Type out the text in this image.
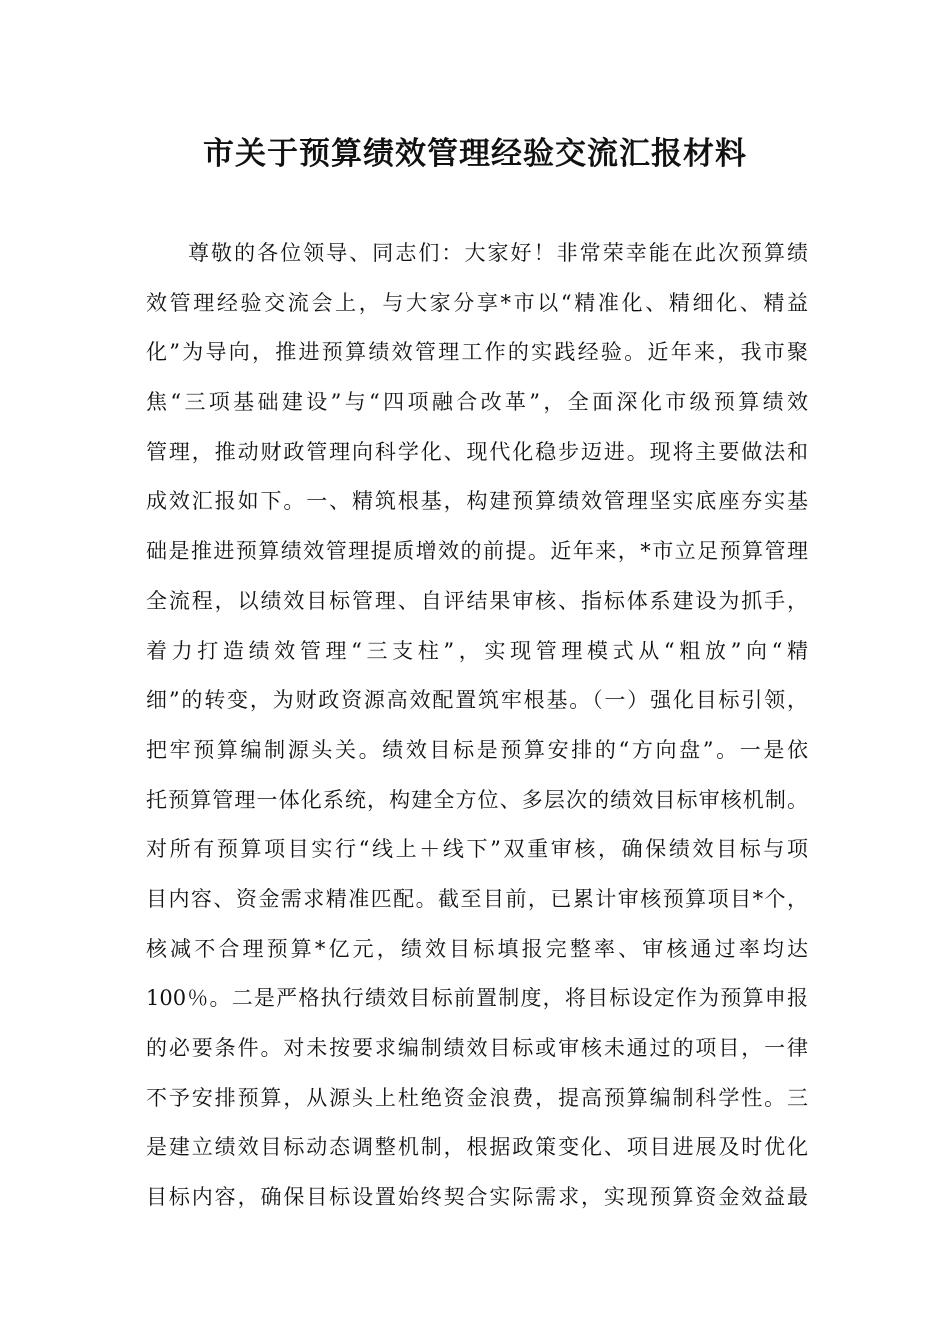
市关于预算绩效管理经验交流汇报材料
尊敬的各位领导、同志们：大家好！非常荣幸能在此次预算绩
效管理经验交流会上，与大家分享*市以“精准化、精细化、精益
化”为导向，推进预算绩效管理工作的实践经验。近年来，我市聚
焦“三项基础建设”与“四项融合改革”，全面深化市级预算绩效
管理，推动财政管理向科学化、现代化稳步迈进。现将主要做法和
成效汇报如下。一、精筑根基，构建预算绩效管理坚实底座夯实基
础是推进预算绩效管理提质增效的前提。近年来，*市立足预算管理
全流程，以绩效目标管理、自评结果审核、指标体系建设为抓手，
着力打造绩效管理“三支柱”，实现管理模式从“粗放”向“精
细”的转变，为财政资源高效配置筑牢根基。（一）强化目标引领，
把牢预算编制源头关。绩效目标是预算安排的“方向盘”。一是依
托预算管理一体化系统，构建全方位、多层次的绩效目标审核机制。
对所有预算项目实行“线上＋线下”双重审核，确保绩效目标与项
目内容、资金需求精准匹配。截至目前，已累计审核预算项目*个，
核减不合理预算*亿元，绩效目标填报完整率、审核通过率均达
100％。二是严格执行绩效目标前置制度，将目标设定作为预算申报
的必要条件。对未按要求编制绩效目标或审核未通过的项目，一律
不予安排预算，从源头上杜绝资金浪费，提高预算编制科学性。三
是建立绩效目标动态调整机制，根据政策变化、项目进展及时优化
目标内容，确保目标设置始终契合实际需求，实现预算资金效益最
